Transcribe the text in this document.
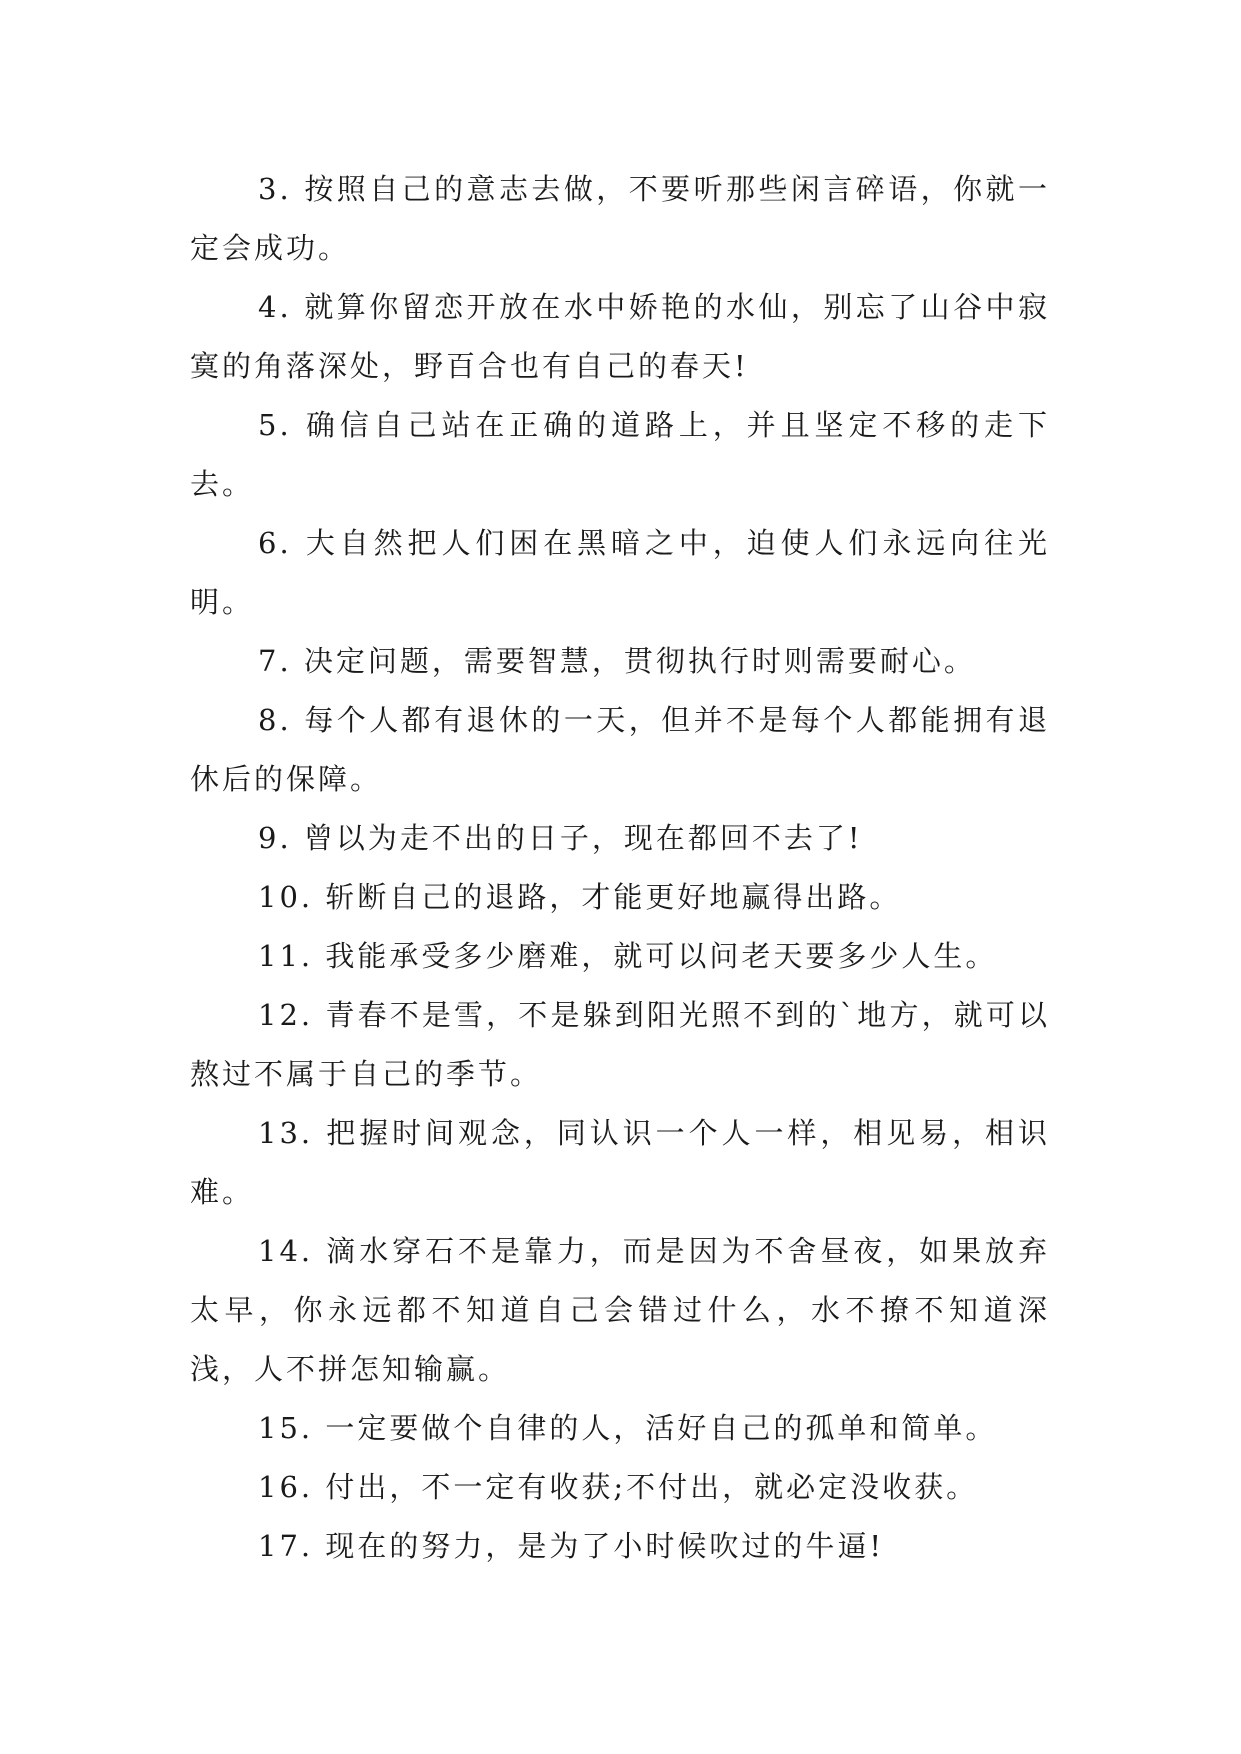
3. 按照自己的意志去做，不要听那些闲言碎语，你就一定会成功。

4. 就算你留恋开放在水中娇艳的水仙，别忘了山谷中寂寞的角落深处，野百合也有自己的春天!

5. 确信自己站在正确的道路上，并且坚定不移的走下去。

6. 大自然把人们困在黑暗之中，迫使人们永远向往光明。

7. 决定问题，需要智慧，贯彻执行时则需要耐心。

8. 每个人都有退休的一天，但并不是每个人都能拥有退休后的保障。

9. 曾以为走不出的日子，现在都回不去了!

10. 斩断自己的退路，才能更好地赢得出路。

11. 我能承受多少磨难，就可以问老天要多少人生。

12. 青春不是雪，不是躲到阳光照不到的`地方，就可以熬过不属于自己的季节。

13. 把握时间观念，同认识一个人一样，相见易，相识难。

14. 滴水穿石不是靠力，而是因为不舍昼夜，如果放弃太早，你永远都不知道自己会错过什么，水不撩不知道深浅，人不拼怎知输赢。

15. 一定要做个自律的人，活好自己的孤单和简单。

16. 付出，不一定有收获;不付出，就必定没收获。

17. 现在的努力，是为了小时候吹过的牛逼!
